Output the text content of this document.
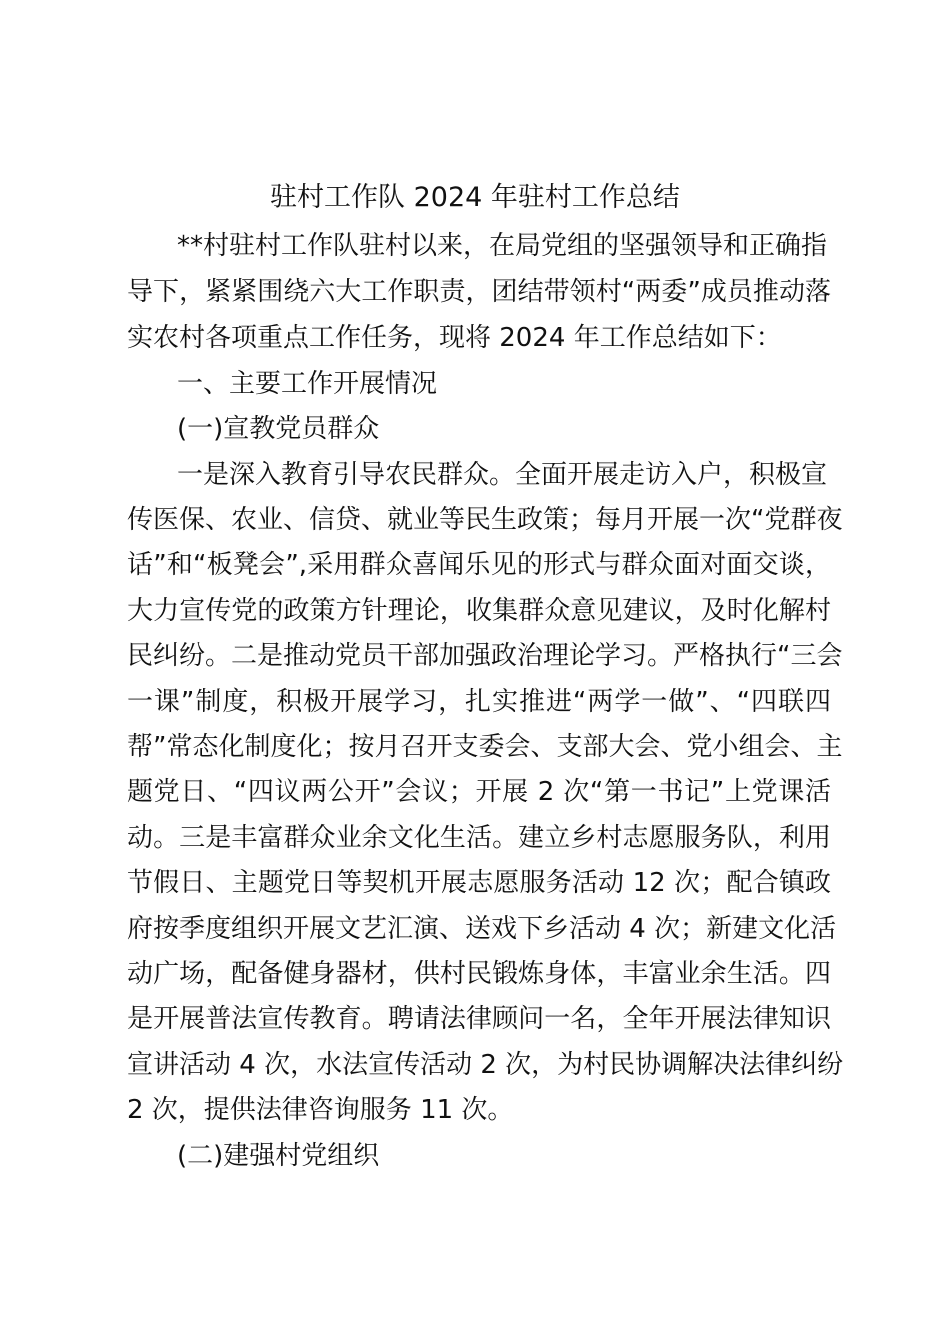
驻村工作队 2024 年驻村工作总结
**村驻村工作队驻村以来，在局党组的坚强领导和正确指
导下，紧紧围绕六大工作职责，团结带领村“两委”成员推动落
实农村各项重点工作任务，现将 2024 年工作总结如下：
一、主要工作开展情况
(一)宣教党员群众
一是深入教育引导农民群众。全面开展走访入户，积极宣
传医保、农业、信贷、就业等民生政策；每月开展一次“党群夜
话”和“板凳会”,采用群众喜闻乐见的形式与群众面对面交谈，
大力宣传党的政策方针理论，收集群众意见建议，及时化解村
民纠纷。二是推动党员干部加强政治理论学习。严格执行“三会
一课”制度，积极开展学习，扎实推进“两学一做”、“四联四
帮”常态化制度化；按月召开支委会、支部大会、党小组会、主
题党日、“四议两公开”会议；开展 2 次“第一书记”上党课活
动。三是丰富群众业余文化生活。建立乡村志愿服务队，利用
节假日、主题党日等契机开展志愿服务活动 12 次；配合镇政
府按季度组织开展文艺汇演、送戏下乡活动 4 次；新建文化活
动广场，配备健身器材，供村民锻炼身体，丰富业余生活。四
是开展普法宣传教育。聘请法律顾问一名，全年开展法律知识
宣讲活动 4 次，水法宣传活动 2 次，为村民协调解决法律纠纷
2 次，提供法律咨询服务 11 次。
(二)建强村党组织
